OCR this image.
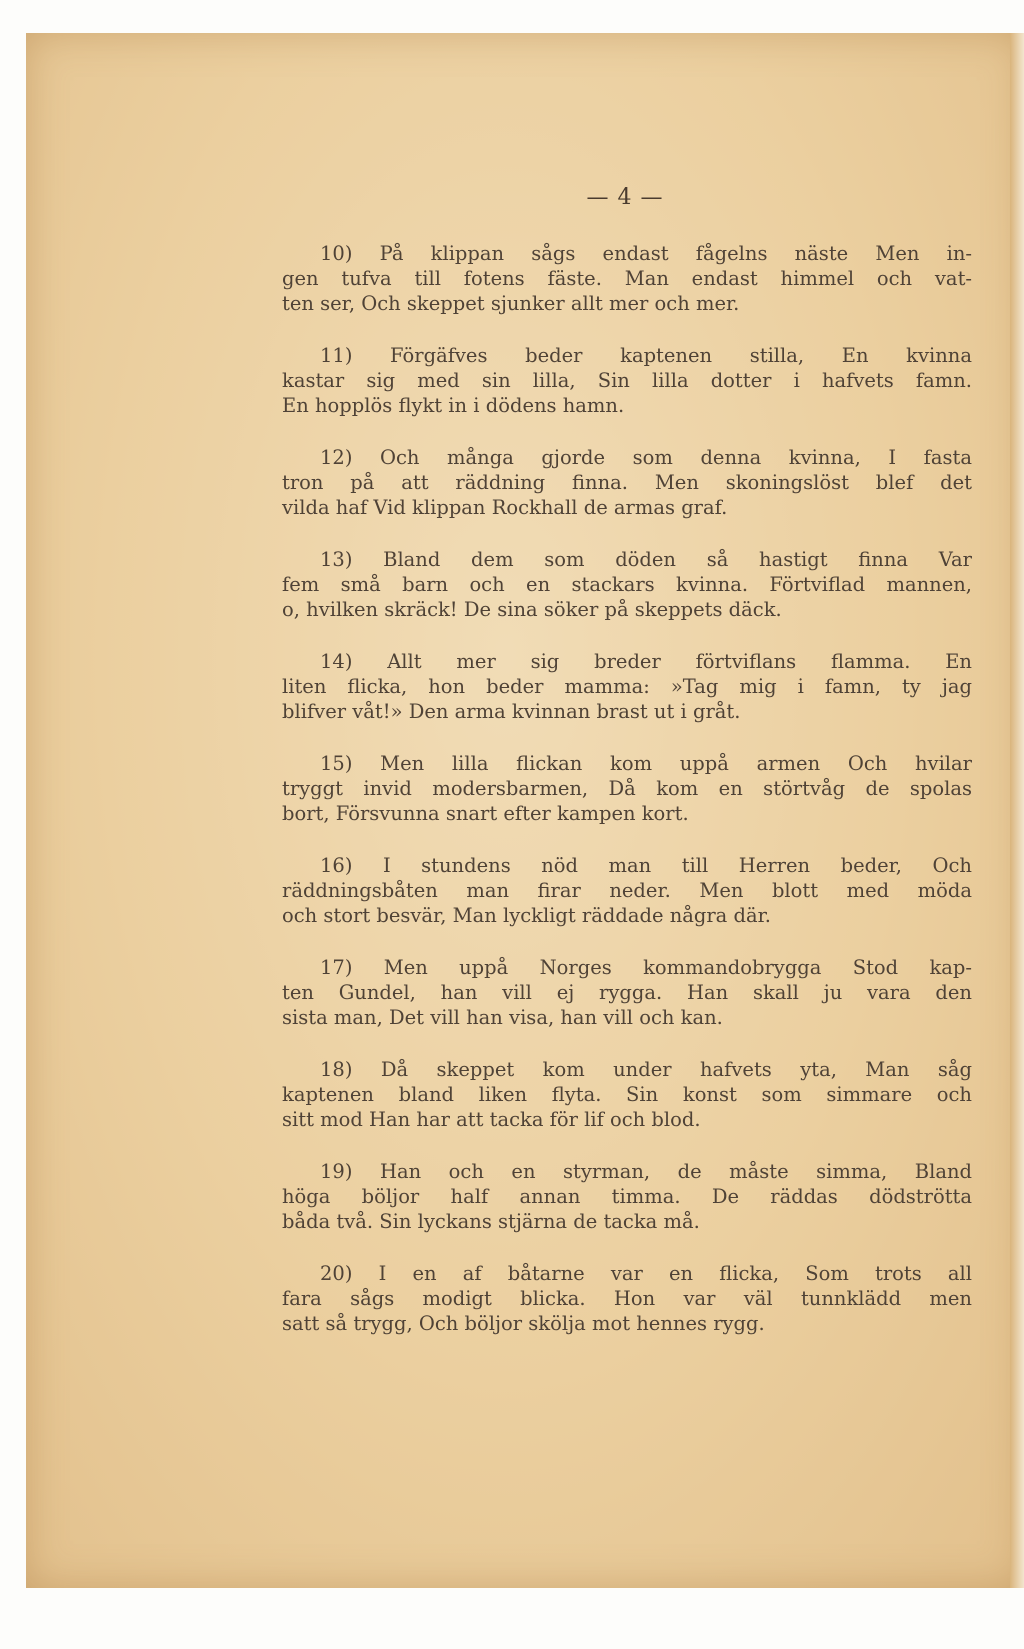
— 4 —
10) På klippan sågs endast fågelns näste Men in-
gen tufva till fotens fäste. Man endast himmel och vat-
ten ser, Och skeppet sjunker allt mer och mer.
11) Förgäfves beder kaptenen stilla, En kvinna
kastar sig med sin lilla, Sin lilla dotter i hafvets famn.
En hopplös flykt in i dödens hamn.
12) Och många gjorde som denna kvinna, I fasta
tron på att räddning finna. Men skoningslöst blef det
vilda haf Vid klippan Rockhall de armas graf.
13) Bland dem som döden så hastigt finna Var
fem små barn och en stackars kvinna. Förtviflad mannen,
o, hvilken skräck! De sina söker på skeppets däck.
14) Allt mer sig breder förtviflans flamma. En
liten flicka, hon beder mamma: »Tag mig i famn, ty jag
blifver våt!» Den arma kvinnan brast ut i gråt.
15) Men lilla flickan kom uppå armen Och hvilar
tryggt invid modersbarmen, Då kom en störtvåg de spolas
bort, Försvunna snart efter kampen kort.
16) I stundens nöd man till Herren beder, Och
räddningsbåten man firar neder. Men blott med möda
och stort besvär, Man lyckligt räddade några där.
17) Men uppå Norges kommandobrygga Stod kap-
ten Gundel, han vill ej rygga. Han skall ju vara den
sista man, Det vill han visa, han vill och kan.
18) Då skeppet kom under hafvets yta, Man såg
kaptenen bland liken flyta. Sin konst som simmare och
sitt mod Han har att tacka för lif och blod.
19) Han och en styrman, de måste simma, Bland
höga böljor half annan timma. De räddas dödströtta
båda två. Sin lyckans stjärna de tacka må.
20) I en af båtarne var en flicka, Som trots all
fara sågs modigt blicka. Hon var väl tunnklädd men
satt så trygg, Och böljor skölja mot hennes rygg.
